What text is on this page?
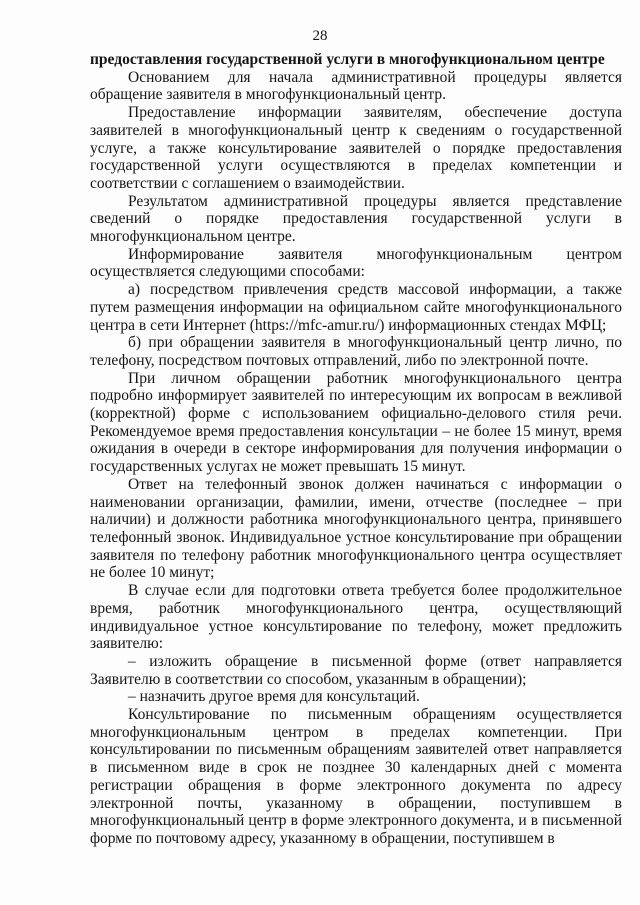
28

предоставления государственной услуги в многофункциональном центре

Основанием для начала административной процедуры является обращение заявителя в многофункциональный центр.

Предоставление информации заявителям, обеспечение доступа заявителей в многофункциональный центр к сведениям о государственной услуге, а также консультирование заявителей о порядке предоставления государственной услуги осуществляются в пределах компетенции и соответствии с соглашением о взаимодействии.

Результатом административной процедуры является представление сведений о порядке предоставления государственной услуги в многофункциональном центре.

Информирование заявителя многофункциональным центром осуществляется следующими способами:

а) посредством привлечения средств массовой информации, а также путем размещения информации на официальном сайте многофункционального центра в сети Интернет (https://mfc-amur.ru/) информационных стендах МФЦ;

б) при обращении заявителя в многофункциональный центр лично, по телефону, посредством почтовых отправлений, либо по электронной почте.

При личном обращении работник многофункционального центра подробно информирует заявителей по интересующим их вопросам в вежливой (корректной) форме с использованием официально-делового стиля речи. Рекомендуемое время предоставления консультации – не более 15 минут, время ожидания в очереди в секторе информирования для получения информации о государственных услугах не может превышать 15 минут.

Ответ на телефонный звонок должен начинаться с информации о наименовании организации, фамилии, имени, отчестве (последнее – при наличии) и должности работника многофункционального центра, принявшего телефонный звонок. Индивидуальное устное консультирование при обращении заявителя по телефону работник многофункционального центра осуществляет не более 10 минут;

В случае если для подготовки ответа требуется более продолжительное время, работник многофункционального центра, осуществляющий индивидуальное устное консультирование по телефону, может предложить заявителю:

– изложить обращение в письменной форме (ответ направляется Заявителю в соответствии со способом, указанным в обращении);

– назначить другое время для консультаций.

Консультирование по письменным обращениям осуществляется многофункциональным центром в пределах компетенции. При консультировании по письменным обращениям заявителей ответ направляется в письменном виде в срок не позднее 30 календарных дней с момента регистрации обращения в форме электронного документа по адресу электронной почты, указанному в обращении, поступившем в многофункциональный центр в форме электронного документа, и в письменной форме по почтовому адресу, указанному в обращении, поступившем в
